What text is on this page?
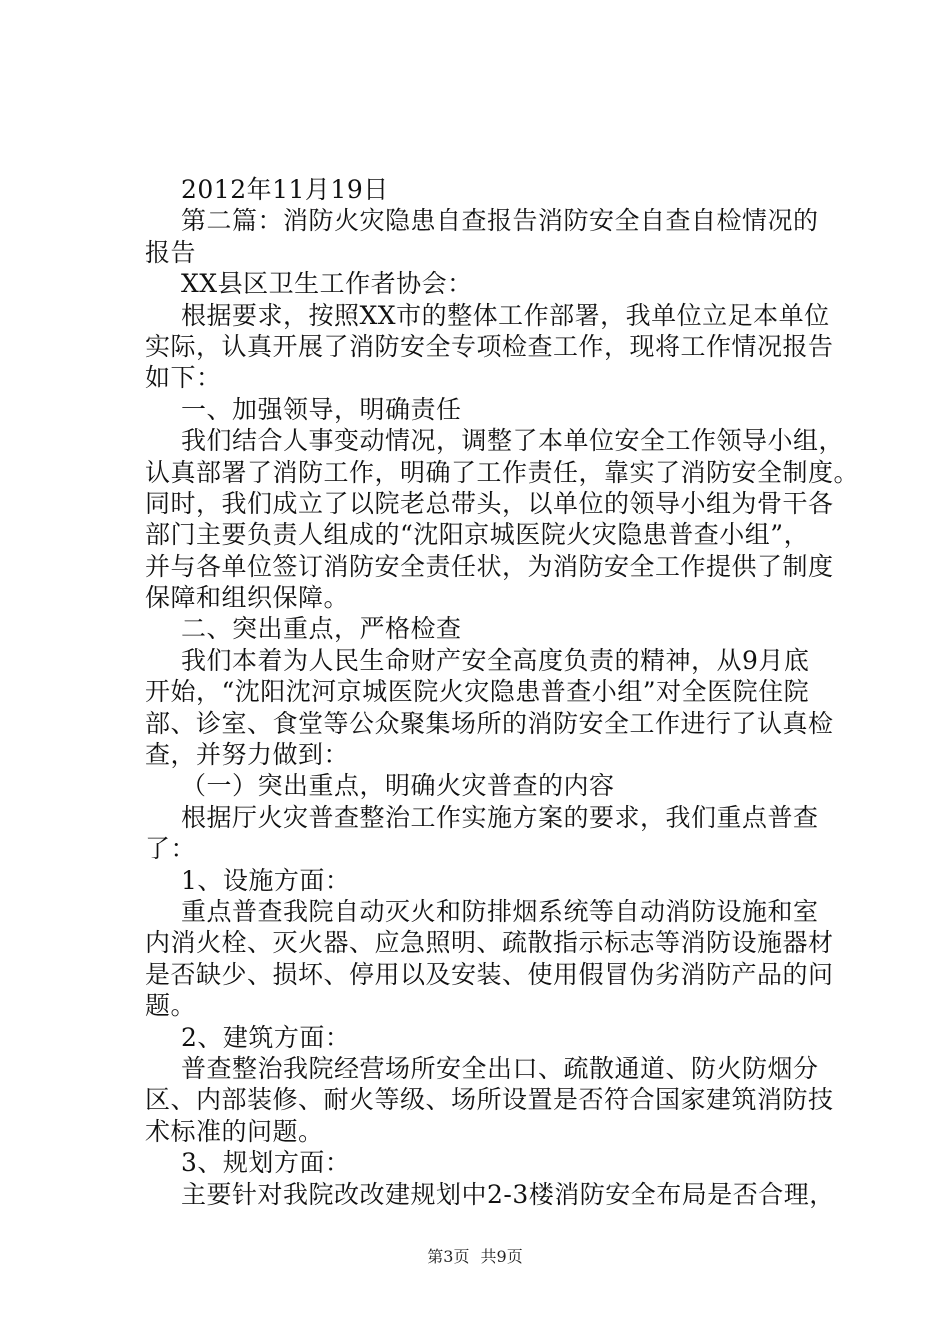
2012年11月19日
第二篇：消防火灾隐患自查报告消防安全自查自检情况的
报告
XX县区卫生工作者协会：
根据要求，按照XX市的整体工作部署，我单位立足本单位
实际，认真开展了消防安全专项检查工作，现将工作情况报告
如下：
一、加强领导，明确责任
我们结合人事变动情况，调整了本单位安全工作领导小组，
认真部署了消防工作，明确了工作责任，靠实了消防安全制度。
同时，我们成立了以院老总带头，以单位的领导小组为骨干各
部门主要负责人组成的“沈阳京城医院火灾隐患普查小组”，
并与各单位签订消防安全责任状，为消防安全工作提供了制度
保障和组织保障。
二、突出重点，严格检查
我们本着为人民生命财产安全高度负责的精神，从9月底
开始，“沈阳沈河京城医院火灾隐患普查小组”对全医院住院
部、诊室、食堂等公众聚集场所的消防安全工作进行了认真检
查，并努力做到：
（一）突出重点，明确火灾普查的内容
根据厅火灾普查整治工作实施方案的要求，我们重点普查
了：
1、设施方面：
重点普查我院自动灭火和防排烟系统等自动消防设施和室
内消火栓、灭火器、应急照明、疏散指示标志等消防设施器材
是否缺少、损坏、停用以及安装、使用假冒伪劣消防产品的问
题。
2、建筑方面：
普查整治我院经营场所安全出口、疏散通道、防火防烟分
区、内部装修、耐火等级、场所设置是否符合国家建筑消防技
术标准的问题。
3、规划方面：
主要针对我院改改建规划中2-3楼消防安全布局是否合理，
第3页 共9页
